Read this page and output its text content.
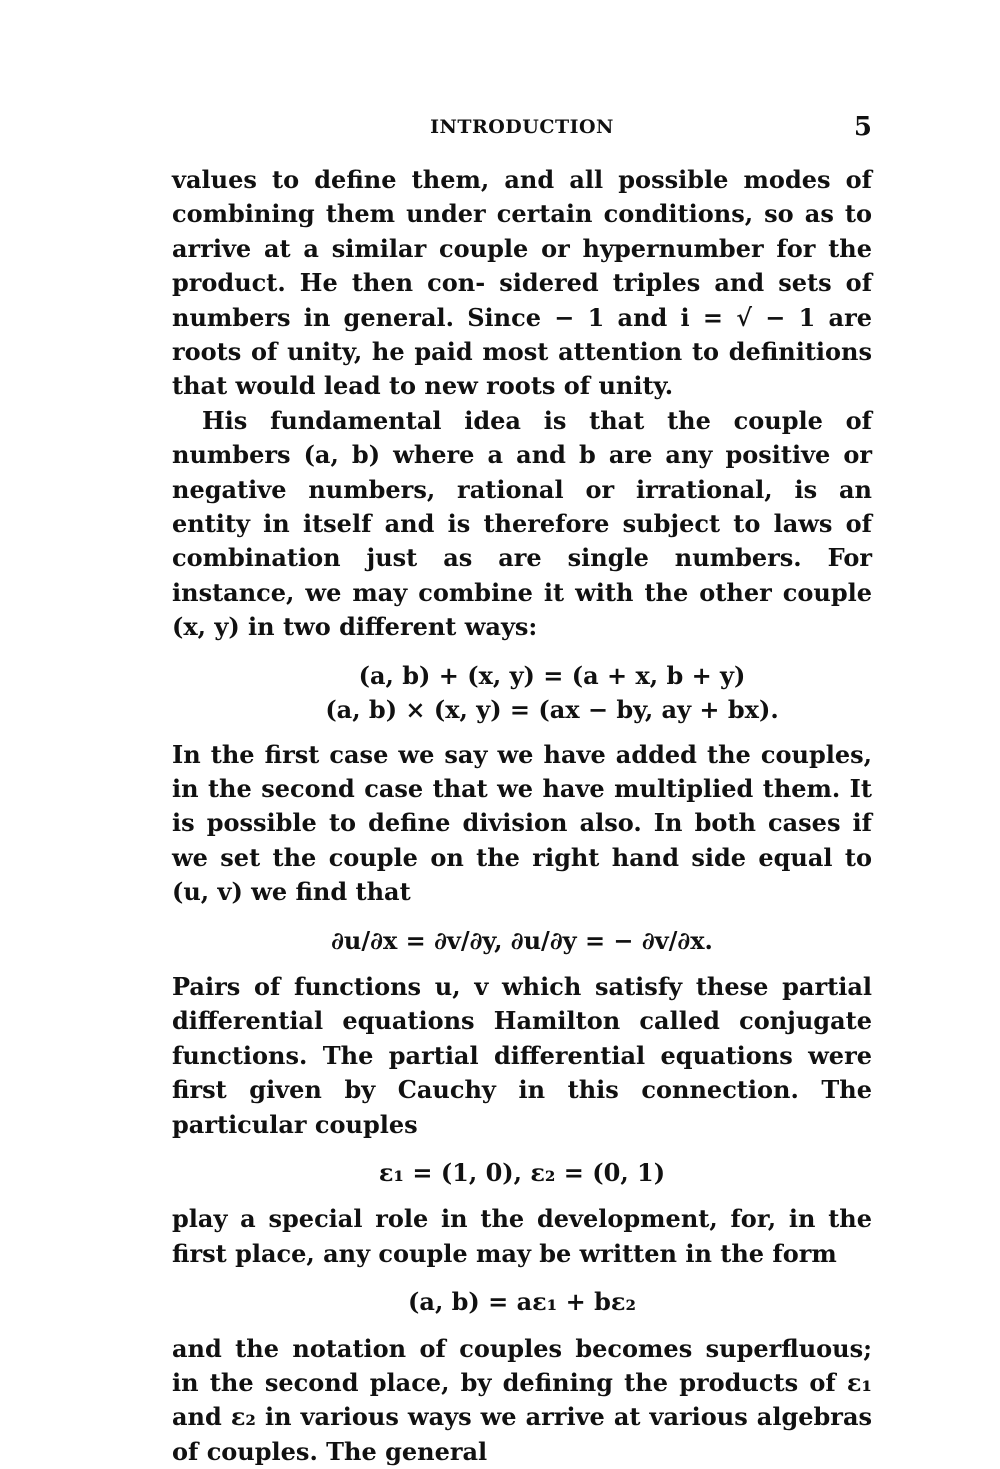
INTRODUCTION	5

values to define them, and all possible modes of combining them under certain conditions, so as to arrive at a similar couple or hypernumber for the product. He then con- sidered triples and sets of numbers in general. Since − 1 and i = √ − 1 are roots of unity, he paid most attention to definitions that would lead to new roots of unity.

His fundamental idea is that the couple of numbers (a, b) where a and b are any positive or negative numbers, rational or irrational, is an entity in itself and is therefore subject to laws of combination just as are single numbers. For instance, we may combine it with the other couple (x, y) in two different ways:

(a, b) + (x, y) = (a + x, b + y)
(a, b) × (x, y) = (ax − by, ay + bx).

In the first case we say we have added the couples, in the second case that we have multiplied them. It is possible to define division also. In both cases if we set the couple on the right hand side equal to (u, v) we find that

∂u/∂x = ∂v/∂y, ∂u/∂y = − ∂v/∂x.

Pairs of functions u, v which satisfy these partial differential equations Hamilton called conjugate functions. The partial differential equations were first given by Cauchy in this connection. The particular couples

ε₁ = (1, 0), ε₂ = (0, 1)

play a special role in the development, for, in the first place, any couple may be written in the form

(a, b) = aε₁ + bε₂

and the notation of couples becomes superfluous; in the second place, by defining the products of ε₁ and ε₂ in various ways we arrive at various algebras of couples. The general
